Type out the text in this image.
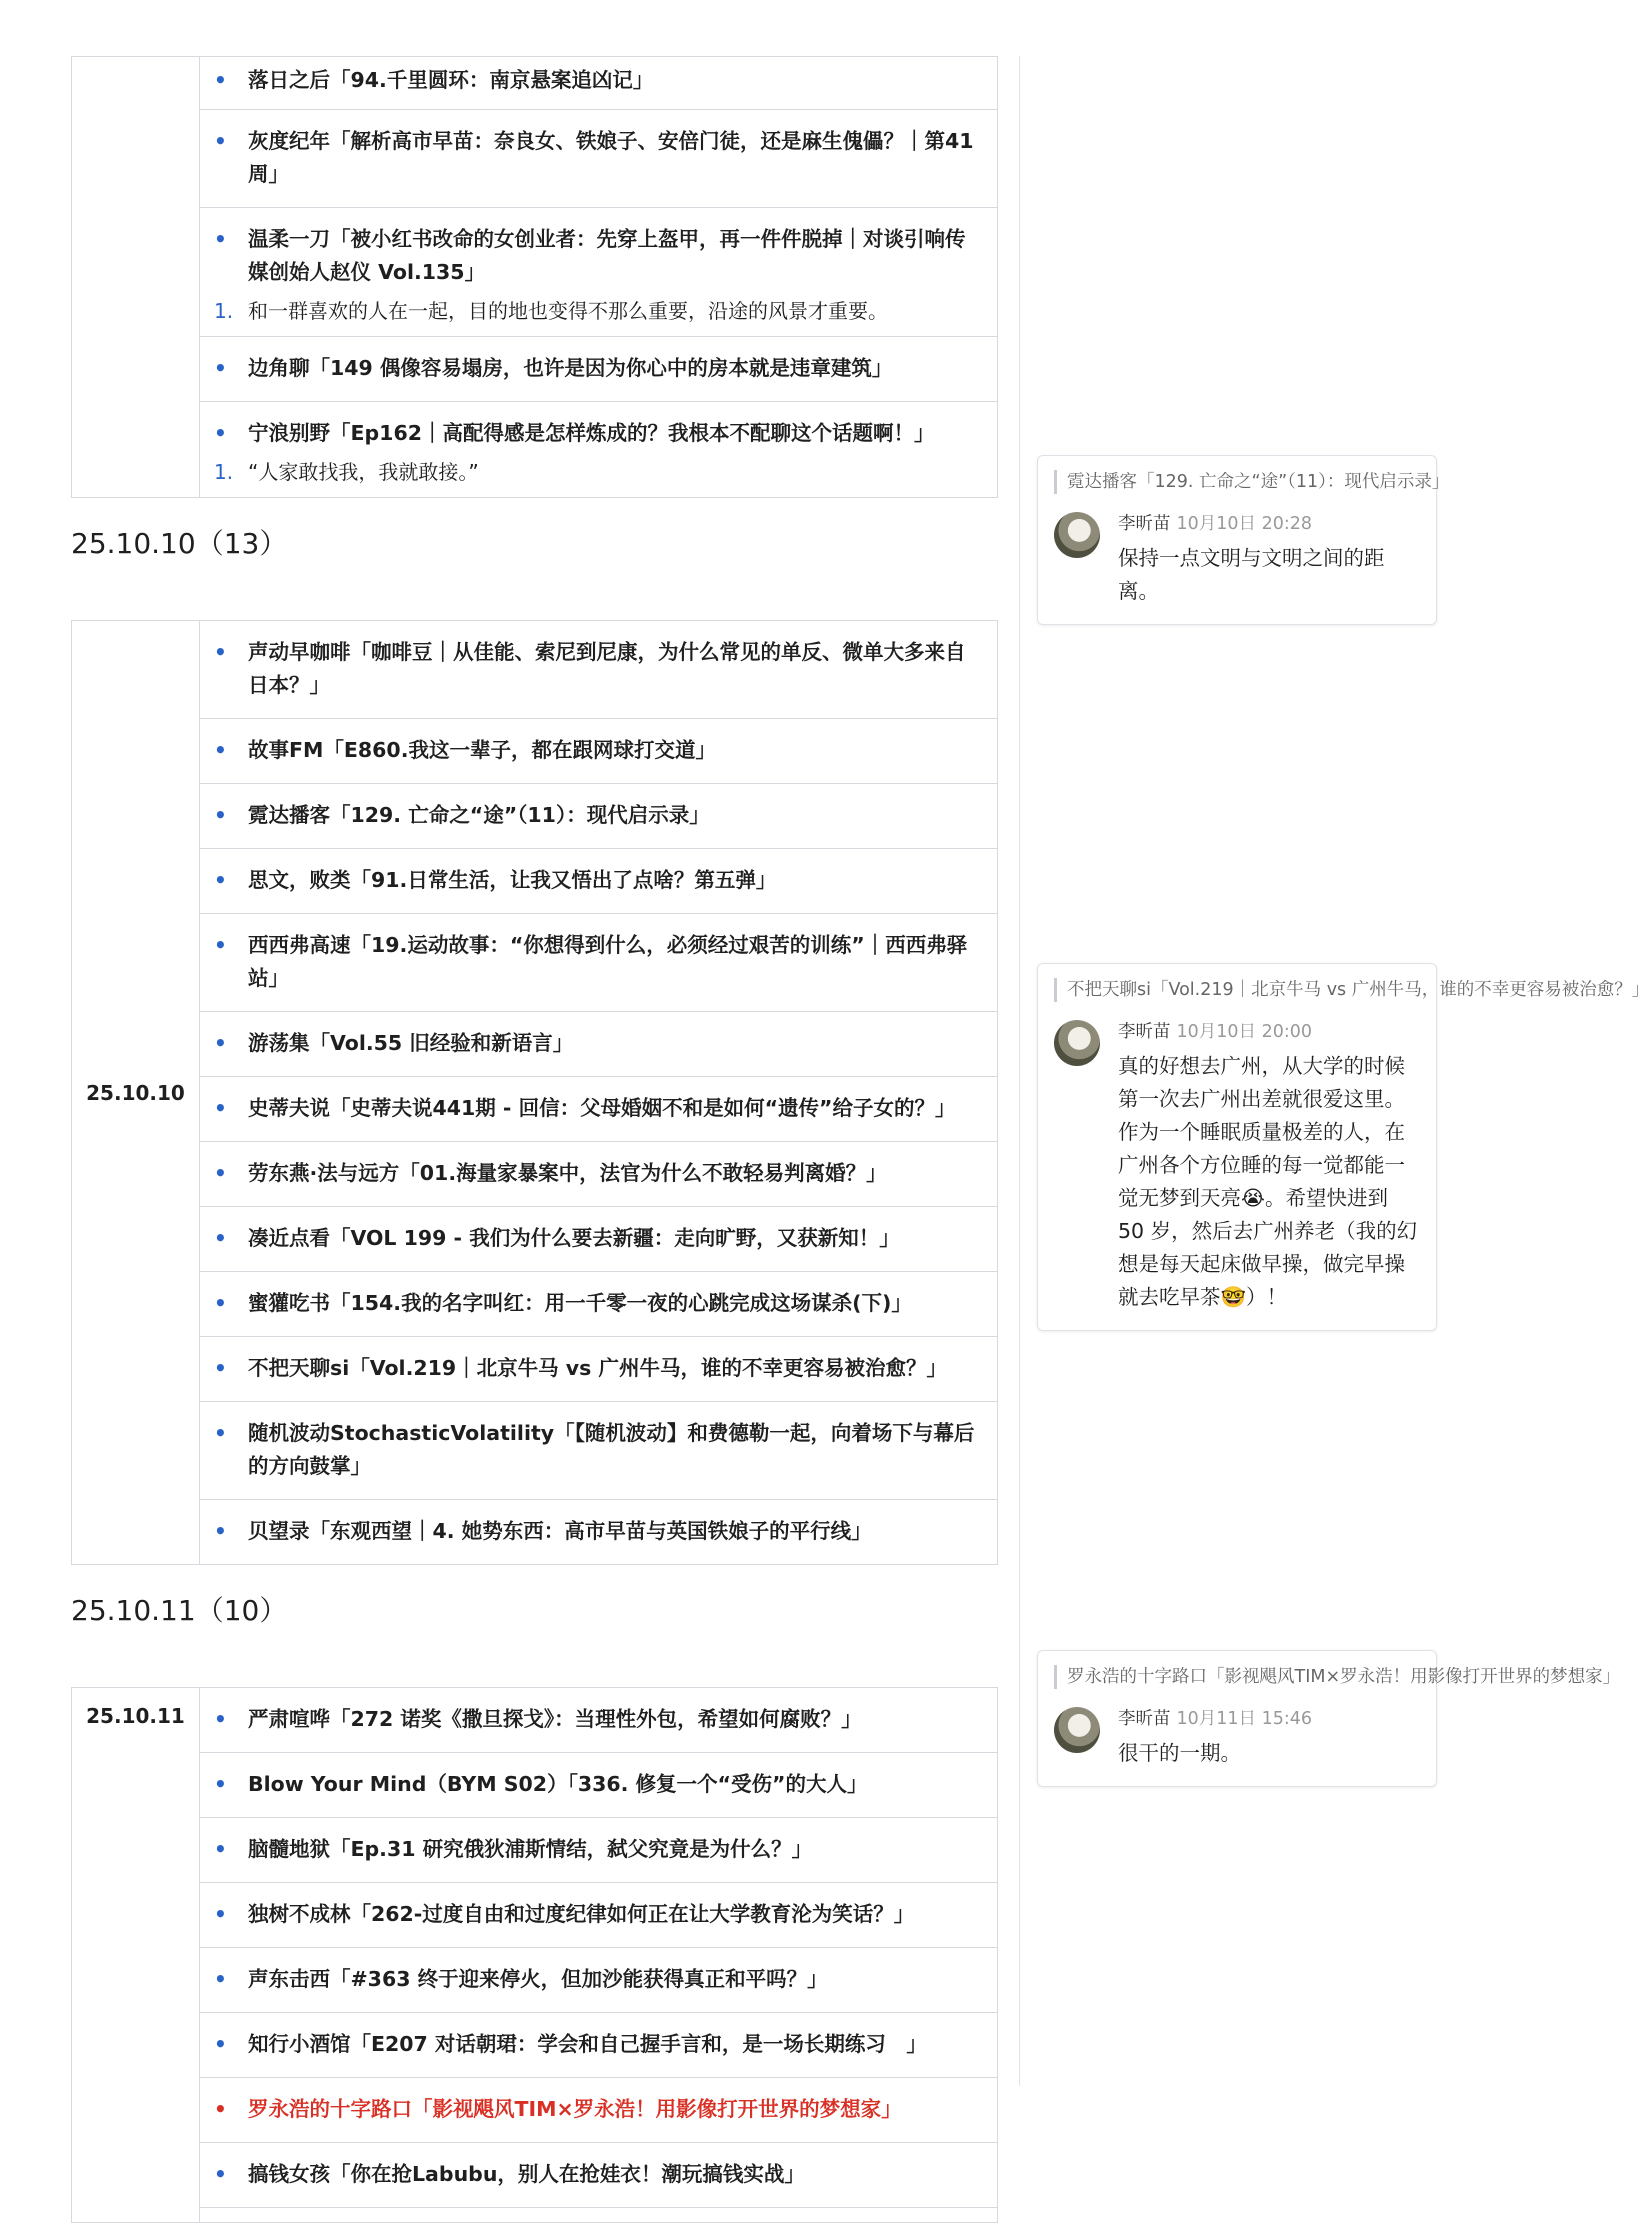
• 落日之后「94.千里圆环：南京悬案追凶记」
• 灰度纪年「解析高市早苗：奈良女、铁娘子、安倍门徒，还是麻生傀儡？｜第41周」
• 温柔一刀「被小红书改命的女创业者：先穿上盔甲，再一件件脱掉｜对谈引响传媒创始人赵仪 Vol.135」
1. 和一群喜欢的人在一起，目的地也变得不那么重要，沿途的风景才重要。
• 边角聊「149 偶像容易塌房，也许是因为你心中的房本就是违章建筑」
• 宁浪别野「Ep162｜高配得感是怎样炼成的？我根本不配聊这个话题啊！」
1. “人家敢找我，我就敢接。”
25.10.10（13）
25.10.10	
• 声动早咖啡「咖啡豆｜从佳能、索尼到尼康，为什么常见的单反、微单大多来自日本？」
• 故事FM「E860.我这一辈子，都在跟网球打交道」
• 霓达播客「129. 亡命之“途”（11）：现代启示录」
• 思文，败类「91.日常生活，让我又悟出了点啥？第五弹」
• 西西弗高速「19.运动故事：“你想得到什么，必须经过艰苦的训练”｜西西弗驿站」
• 游荡集「Vol.55 旧经验和新语言」
• 史蒂夫说「史蒂夫说441期 - 回信：父母婚姻不和是如何“遗传”给子女的？」
• 劳东燕·法与远方「01.海量家暴案中，法官为什么不敢轻易判离婚？」
• 凑近点看「VOL 199 - 我们为什么要去新疆：走向旷野，又获新知！」
• 蜜獾吃书「154.我的名字叫红：用一千零一夜的心跳完成这场谋杀(下)」
• 不把天聊si「Vol.219｜北京牛马 vs 广州牛马，谁的不幸更容易被治愈？」
• 随机波动StochasticVolatility「【随机波动】和费德勒一起，向着场下与幕后的方向鼓掌」
• 贝望录「东观西望｜4. 她势东西：高市早苗与英国铁娘子的平行线」
25.10.11（10）
25.10.11	• 严肃喧哗「272 诺奖《撒旦探戈》：当理性外包，希望如何腐败？」
• Blow Your Mind（BYM S02）「336. 修复一个“受伤”的大人」
• 脑髓地狱「Ep.31 研究俄狄浦斯情结，弑父究竟是为什么？」
• 独树不成林「262-过度自由和过度纪律如何正在让大学教育沦为笑话？」
• 声东击西「#363 终于迎来停火，但加沙能获得真正和平吗？」
• 知行小酒馆「E207 对话朝珺：学会和自己握手言和，是一场长期练习　」
• 罗永浩的十字路口「影视飓风TIM×罗永浩！用影像打开世界的梦想家」
• 搞钱女孩「你在抢Labubu，别人在抢娃衣！潮玩搞钱实战」
霓达播客「129. 亡命之“途”（11）：现代启示录」
李昕苗 10月10日 20:28
保持一点文明与文明之间的距离。
不把天聊si「Vol.219｜北京牛马 vs 广州牛马，谁的不幸更容易被治愈？」
李昕苗 10月10日 20:00
真的好想去广州，从大学的时候第一次去广州出差就很爱这里。作为一个睡眠质量极差的人，在广州各个方位睡的每一觉都能一觉无梦到天亮😭。希望快进到 50 岁，然后去广州养老（我的幻想是每天起床做早操，做完早操就去吃早茶🤓）！
罗永浩的十字路口「影视飓风TIM×罗永浩！用影像打开世界的梦想家」
李昕苗 10月11日 15:46
很干的一期。
